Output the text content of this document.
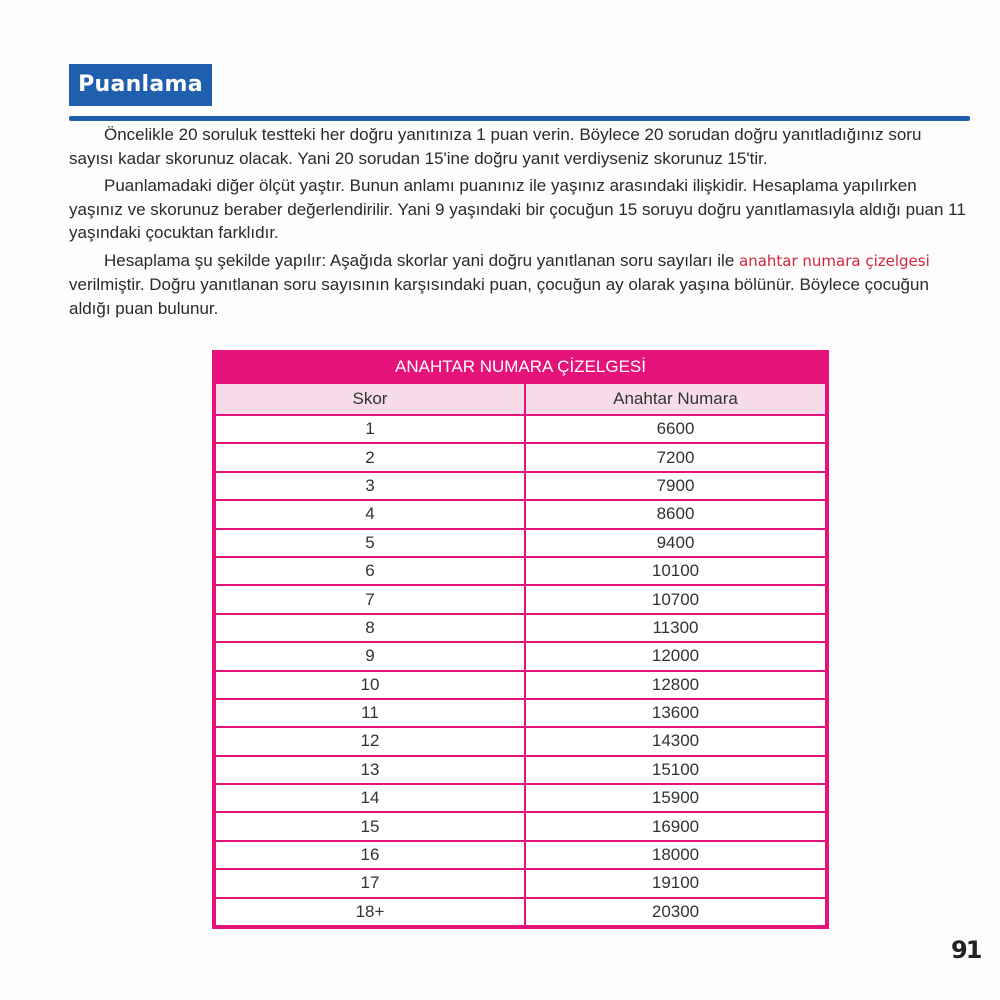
Puanlama

Öncelikle 20 soruluk testteki her doğru yanıtınıza 1 puan verin. Böylece 20 sorudan doğru yanıtladığınız soru sayısı kadar skorunuz olacak. Yani 20 sorudan 15'ine doğru yanıt verdiyseniz skorunuz 15'tir.

Puanlamadaki diğer ölçüt yaştır. Bunun anlamı puanınız ile yaşınız arasındaki ilişkidir. Hesaplama yapılırken yaşınız ve skorunuz beraber değerlendirilir. Yani 9 yaşındaki bir çocuğun 15 soruyu doğru yanıtlamasıyla aldığı puan 11 yaşındaki çocuktan farklıdır.

Hesaplama şu şekilde yapılır: Aşağıda skorlar yani doğru yanıtlanan soru sayıları ile anahtar numara çizelgesi verilmiştir. Doğru yanıtlanan soru sayısının karşısındaki puan, çocuğun ay olarak yaşına bölünür. Böylece çocuğun aldığı puan bulunur.

ANAHTAR NUMARA ÇİZELGESİ
Skor	Anahtar Numara
1	6600
2	7200
3	7900
4	8600
5	9400
6	10100
7	10700
8	11300
9	12000
10	12800
11	13600
12	14300
13	15100
14	15900
15	16900
16	18000
17	19100
18+	20300
91
